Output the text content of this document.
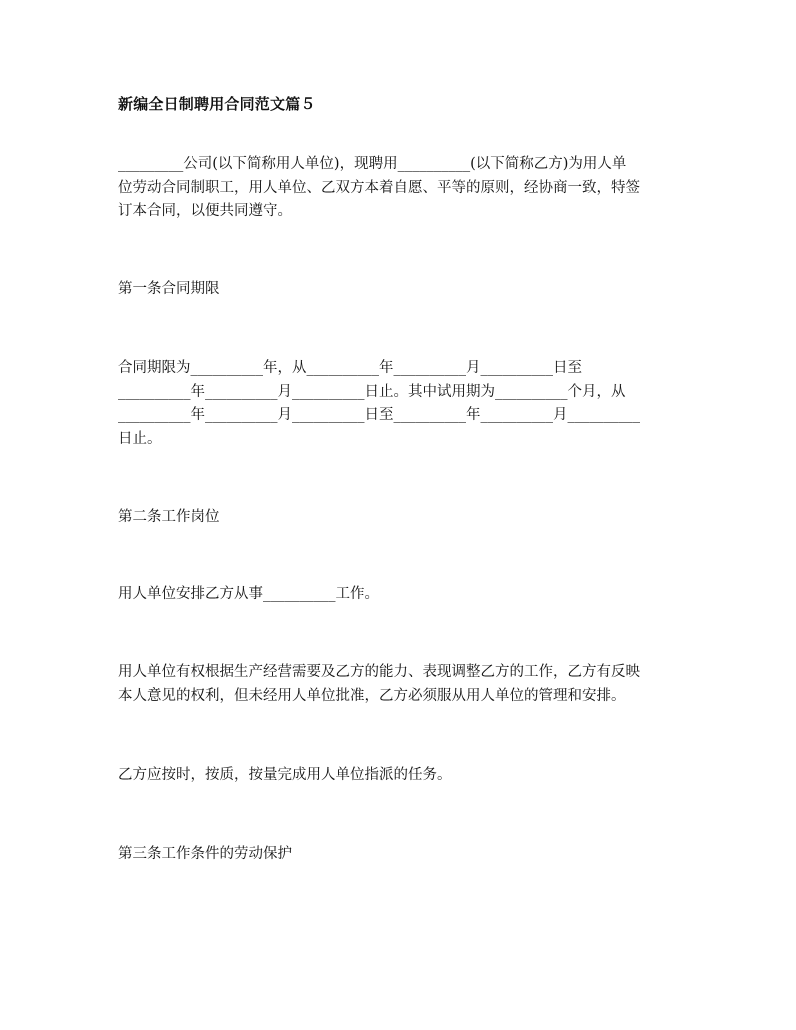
新编全日制聘用合同范文篇５
_________公司(以下简称用人单位)，现聘用__________(以下简称乙方)为用人单
位劳动合同制职工，用人单位、乙双方本着自愿、平等的原则，经协商一致，特签
订本合同，以便共同遵守。
第一条合同期限
合同期限为__________年，从__________年__________月__________日至
__________年__________月__________日止。其中试用期为__________个月，从
__________年__________月__________日至__________年__________月__________
日止。
第二条工作岗位
用人单位安排乙方从事__________工作。
用人单位有权根据生产经营需要及乙方的能力、表现调整乙方的工作，乙方有反映
本人意见的权利，但未经用人单位批准，乙方必须服从用人单位的管理和安排。
乙方应按时，按质，按量完成用人单位指派的任务。
第三条工作条件的劳动保护
